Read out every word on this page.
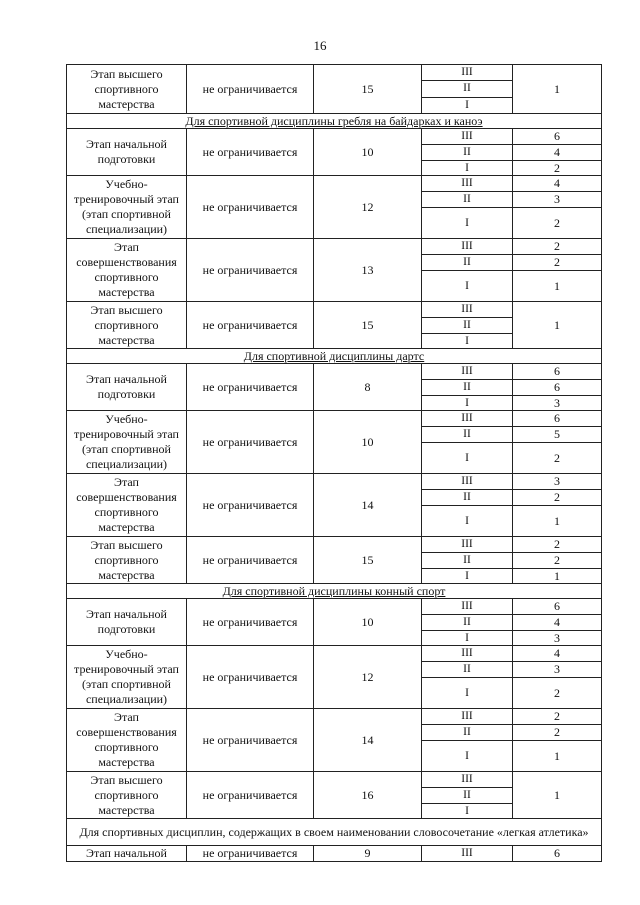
16
Этап высшего спортивного мастерства	не ограничивается	15	III	1
			II	
			I	
Для спортивной дисциплины гребля на байдарках и каноэ				
Этап начальной подготовки	не ограничивается	10	III	6
			II	4
			I	2
Учебно-тренировочный этап (этап спортивной специализации)	не ограничивается	12	III	4
			II	3
			I	2
Этап совершенствования спортивного мастерства	не ограничивается	13	III	2
			II	2
			I	1
Этап высшего спортивного мастерства	не ограничивается	15	III	1
			II	
			I	
Для спортивной дисциплины дартс				
Этап начальной подготовки	не ограничивается	8	III	6
			II	6
			I	3
Учебно-тренировочный этап (этап спортивной специализации)	не ограничивается	10	III	6
			II	5
			I	2
Этап совершенствования спортивного мастерства	не ограничивается	14	III	3
			II	2
			I	1
Этап высшего спортивного мастерства	не ограничивается	15	III	2
			II	2
			I	1
Для спортивной дисциплины конный спорт				
Этап начальной подготовки	не ограничивается	10	III	6
			II	4
			I	3
Учебно-тренировочный этап (этап спортивной специализации)	не ограничивается	12	III	4
			II	3
			I	2
Этап совершенствования спортивного мастерства	не ограничивается	14	III	2
			II	2
			I	1
Этап высшего спортивного мастерства	не ограничивается	16	III	1
			II	
			I	
Для спортивных дисциплин, содержащих в своем наименовании словосочетание «легкая атлетика»				
Этап начальной	не ограничивается	9	III	6
